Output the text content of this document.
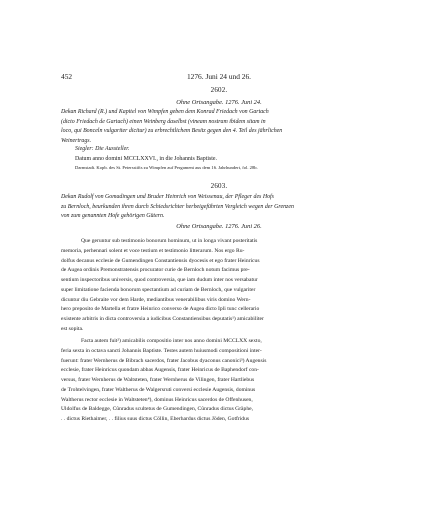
452	1276. Juni 24 und 26.
2602.
Ohne Ortsangabe. 1276. Juni 24.
Dekan Richard (R.) und Kapitel von Wimpfen geben dem Konrad Friedach von Gartach
(dicto Friedach de Gartach) einen Weinberg daselbst (vineam nostram ibidem sitam in
loco, qui Bonceln vulgariter dicitur) zu erbrechtlichem Besitz gegen den 4. Teil des jährlichen
Weinertrags.
Siegler: Die Aussteller.
Datum anno domini MCCLXXVI., in die Johannis Baptiste.
Darmstadt. Kopb. des St. Petersstifts zu Wimpfen auf Pergament aus dem 16. Jahrhundert, fol. 28b.
2603.
Dekan Rudolf von Gomadingen und Bruder Heinrich von Weissenau, der Pfleger des Hofs
zu Bernloch, beurkunden ihren durch Schiedsrichter herbeigeführten Vergleich wegen der Grenzen
von zum genannten Hofe gehörigen Gütern.
Ohne Ortsangabe. 1276. Juni 26.
Que geruntur sub testimonio bonorum hominum, ut in longa vivant posteritatis
memoria, perhennari solent et voce testium et testimonio litterarum. Nos ergo Ru-
dolfus decanus ecclesie de Gumendingen Constantiensis dyocesis et ego frater Heinricus
de Augea ordinis Premonstratensis procurator curie de Bernloch notum facimus pre-
sentium inspectoribus universis, quod controversia, que iam dudum inter nos versabatur
super limitatione facienda bonorum spectantium ad curiam de Bernloch, que vulgariter
dicuntur diu Gebraite vor dem Harde, mediantibus venerabilibus viris domino Wern-
hero preposito de Martella et fratre Heinrico converso de Augea dicto Ipli tunc cellerario
existente arbitris in dicta controversia a iudicibus Constantiensibus deputatis¹) amicabiliter
est sopita.
Facta autem fuit²) amicabilis compositio inter nos anno domini MCCLXX sexto,
feria sexta in octava sancti Johannis Baptiste. Testes autem huiusmodi compositioni inter-
fuerunt: frater Wernherus de Bibrach sacerdos, frater Jacobus dyaconus canonici³) Augensis
ecclesie, frater Heinricus quondam abbas Augensis, frater Heinricus de Baphendorf con-
versus, frater Wernherus de Waltsteten, frater Wernherus de Vilingen, frater Hartliebus
de Trohtelvingen, frater Waltherus de Walgersruti conversi ecclesie Augensis, dominus
Waltherus rector ecclesie in Waltsteten⁴), dominus Heinricus sacerdos de Offenhusen,
Uldolfus de Baldegge, Cûnradus scultetus de Gumendingen, Cûnradus dictus Gräphe,
. . dictus Riethaimer, . . filius suus dictus Cöllin, Eberhardus dictus Jöden, Gotfridus
